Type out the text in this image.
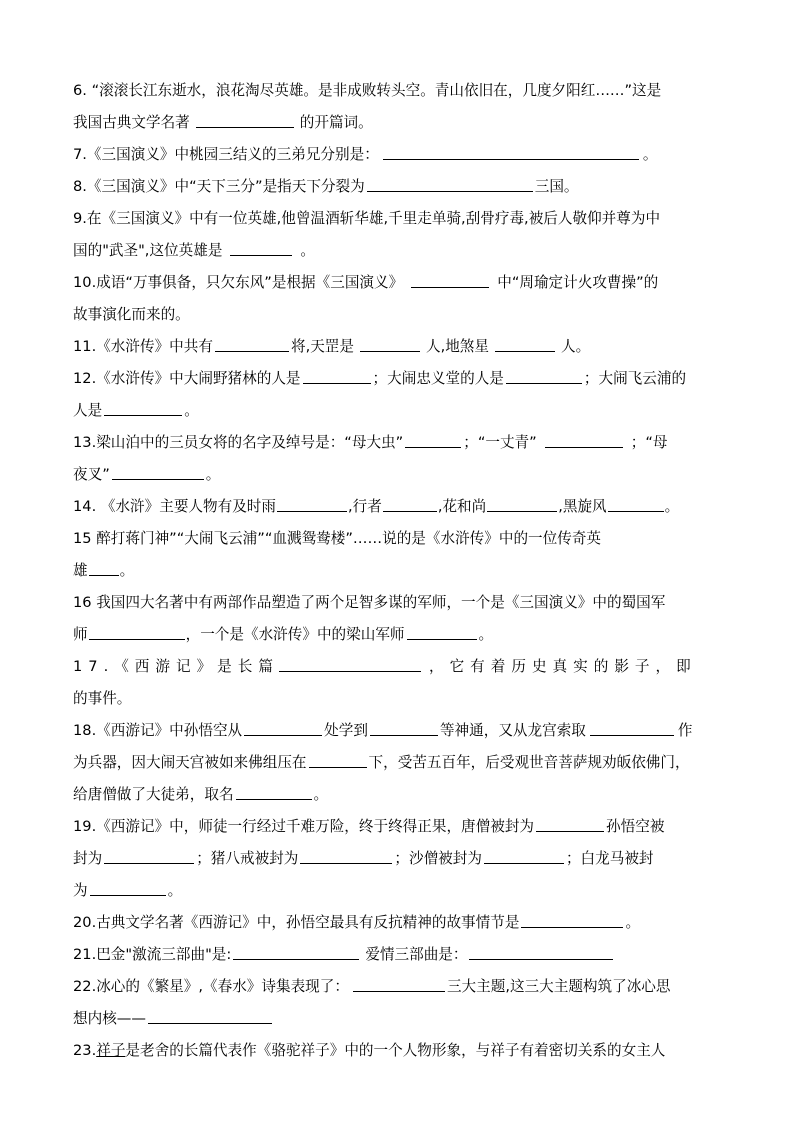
6. “滚滚长江东逝水，浪花淘尽英雄。是非成败转头空。青山依旧在，几度夕阳红……”这是
我国古典文学名著	的开篇词。
7.《三国演义》中桃园三结义的三弟兄分别是：	。
8.《三国演义》中“天下三分”是指天下分裂为	三国。
9.在《三国演义》中有一位英雄,他曾温酒斩华雄,千里走单骑,刮骨疗毒,被后人敬仰并尊为中
国的"武圣",这位英雄是	。
10.成语“万事俱备，只欠东风”是根据《三国演义》	中“周瑜定计火攻曹操”的
故事演化而来的。
11.《水浒传》中共有	将,天罡是	人,地煞星	人。
12.《水浒传》中大闹野猪林的人是	；大闹忠义堂的人是	；大闹飞云浦的
人是	。
13.梁山泊中的三员女将的名字及绰号是：“母大虫”	；“一丈青”	；“母
夜叉”	。
14. 《水浒》主要人物有及时雨	,行者	,花和尚	,黑旋风	。
15 醉打蒋门神”“大闹飞云浦”“血溅鸳鸯楼”……说的是《水浒传》中的一位传奇英
雄 。
16 我国四大名著中有两部作品塑造了两个足智多谋的军师，一个是《三国演义》中的蜀国军
师	，一个是《水浒传》中的梁山军师	。
17.《西游记》是长篇	，它有着历史真实的影子，即
的事件。
18.《西游记》中孙悟空从	处学到	等神通，又从龙宫索取	作
为兵器，因大闹天宫被如来佛组压在	下，受苦五百年，后受观世音菩萨规劝皈依佛门，
给唐僧做了大徒弟，取名	。
19.《西游记》中，师徒一行经过千难万险，终于终得正果，唐僧被封为	孙悟空被
封为	；猪八戒被封为	；沙僧被封为	；白龙马被封
为	。
20.古典文学名著《西游记》中，孙悟空最具有反抗精神的故事情节是	。
21.巴金"激流三部曲"是:	爱情三部曲是：
22.冰心的《繁星》,《春水》诗集表现了：	三大主题,这三大主题构筑了冰心思
想内核——
23.祥子是老舍的长篇代表作《骆驼祥子》中的一个人物形象，与祥子有着密切关系的女主人
